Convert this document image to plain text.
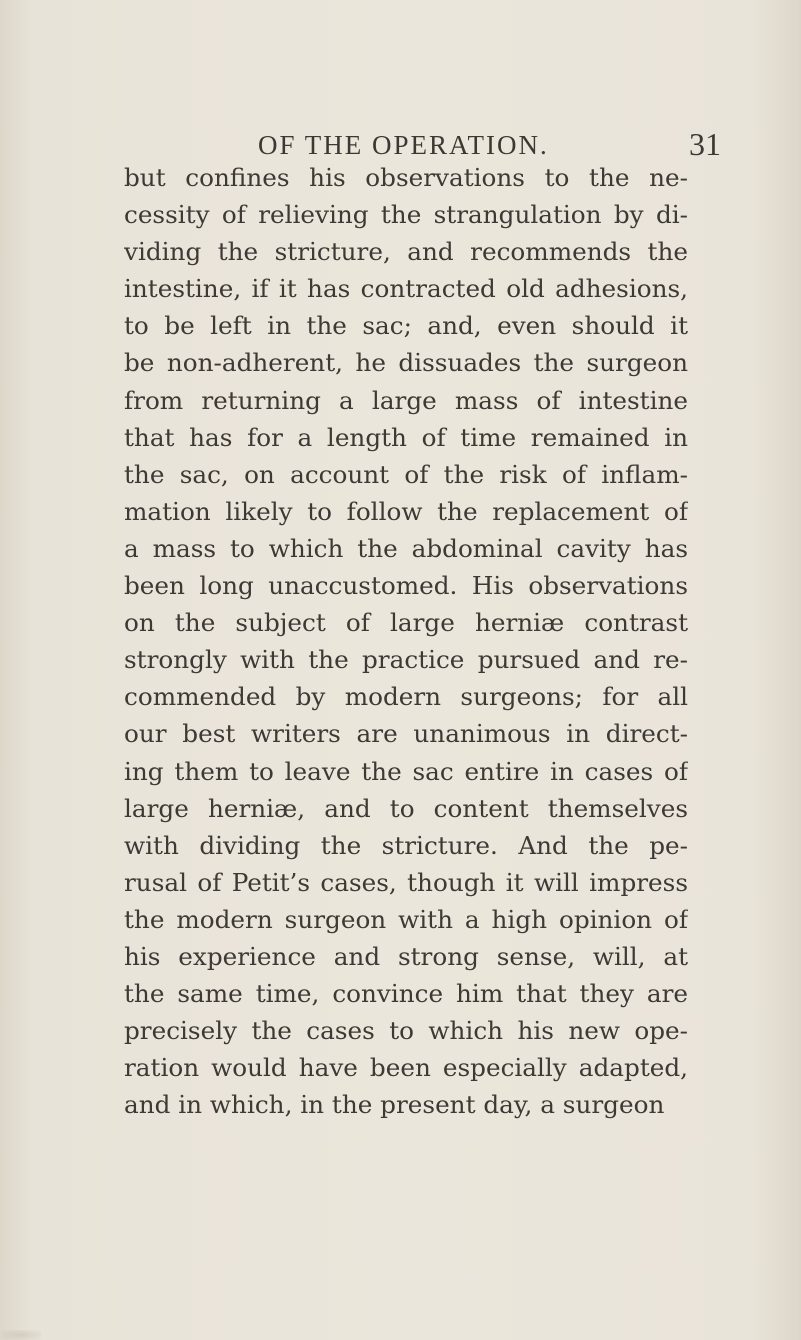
OF THE OPERATION.	31
but confines his observations to the ne-
cessity of relieving the strangulation by di-
viding the stricture, and recommends the
intestine, if it has contracted old adhesions,
to be left in the sac; and, even should it
be non-adherent, he dissuades the surgeon
from returning a large mass of intestine
that has for a length of time remained in
the sac, on account of the risk of inflam-
mation likely to follow the replacement of
a mass to which the abdominal cavity has
been long unaccustomed. His observations
on the subject of large herniæ contrast
strongly with the practice pursued and re-
commended by modern surgeons; for all
our best writers are unanimous in direct-
ing them to leave the sac entire in cases of
large herniæ, and to content themselves
with dividing the stricture. And the pe-
rusal of Petit’s cases, though it will impress
the modern surgeon with a high opinion of
his experience and strong sense, will, at
the same time, convince him that they are
precisely the cases to which his new ope-
ration would have been especially adapted,
and in which, in the present day, a surgeon
